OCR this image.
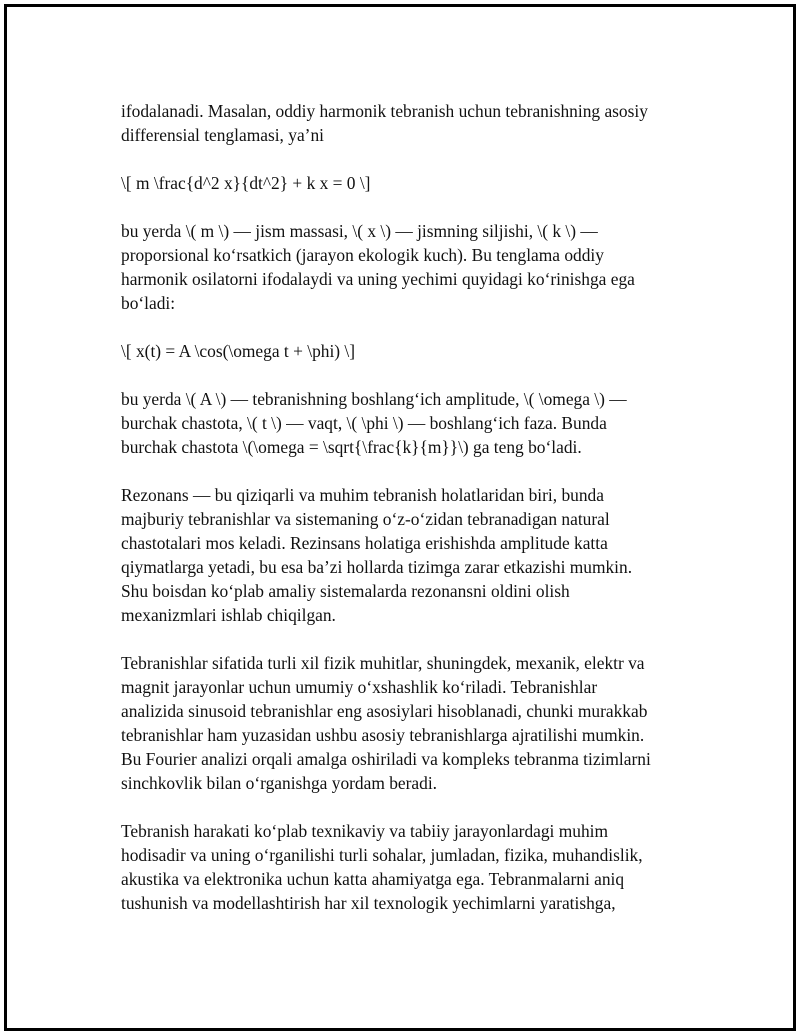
ifodalanadi. Masalan, oddiy harmonik tebranish uchun tebranishning asosiy
differensial tenglamasi, ya’ni

\[ m \frac{d^2 x}{dt^2} + k x = 0 \]

bu yerda \( m \) — jism massasi, \( x \) — jismning siljishi, \( k \) —
proporsional koʻrsatkich (jarayon ekologik kuch). Bu tenglama oddiy
harmonik osilatorni ifodalaydi va uning yechimi quyidagi koʻrinishga ega
boʻladi:

\[ x(t) = A \cos(\omega t + \phi) \]

bu yerda \( A \) — tebranishning boshlangʻich amplitude, \( \omega \) —
burchak chastota, \( t \) — vaqt, \( \phi \) — boshlangʻich faza. Bunda
burchak chastota \(\omega = \sqrt{\frac{k}{m}}\) ga teng boʻladi.

Rezonans — bu qiziqarli va muhim tebranish holatlaridan biri, bunda
majburiy tebranishlar va sistemaning oʻz-oʻzidan tebranadigan natural
chastotalari mos keladi. Rezinsans holatiga erishishda amplitude katta
qiymatlarga yetadi, bu esa baʼzi hollarda tizimga zarar etkazishi mumkin.
Shu boisdan koʻplab amaliy sistemalarda rezonansni oldini olish
mexanizmlari ishlab chiqilgan.

Tebranishlar sifatida turli xil fizik muhitlar, shuningdek, mexanik, elektr va
magnit jarayonlar uchun umumiy oʻxshashlik koʻriladi. Tebranishlar
analizida sinusoid tebranishlar eng asosiylari hisoblanadi, chunki murakkab
tebranishlar ham yuzasidan ushbu asosiy tebranishlarga ajratilishi mumkin.
Bu Fourier analizi orqali amalga oshiriladi va kompleks tebranma tizimlarni
sinchkovlik bilan oʻrganishga yordam beradi.

Tebranish harakati koʻplab texnikaviy va tabiiy jarayonlardagi muhim
hodisadir va uning oʻrganilishi turli sohalar, jumladan, fizika, muhandislik,
akustika va elektronika uchun katta ahamiyatga ega. Tebranmalarni aniq
tushunish va modellashtirish har xil texnologik yechimlarni yaratishga,
